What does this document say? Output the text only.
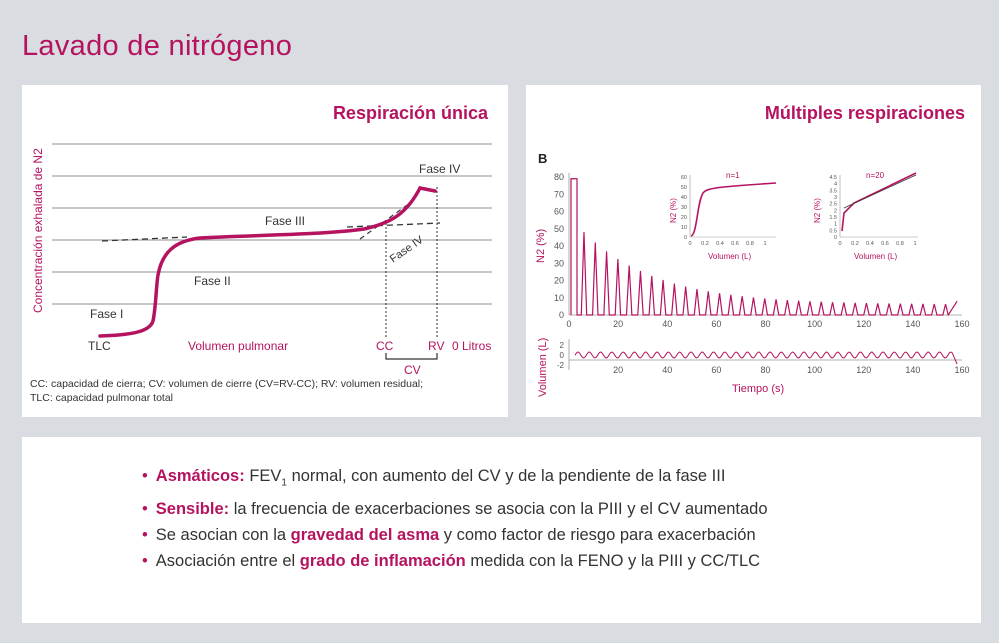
Lavado de nitrógeno
Respiración única
Concentración exhalada de N2
Fase I
Fase II
Fase III
Fase IV
Fase IV
TLC	Volumen pulmonar	CC	RV 0 Litros
CV
CC: capacidad de cierra; CV: volumen de cierre (CV=RV-CC); RV: volumen residual;
TLC: capacidad pulmonar total
Múltiples respiraciones
B
80
70
60
50
40
30
20
10
0
0	20	40	60	80	100	120	140	160
N2 (%)
60
50
40
30
20
10
0
0 0.2 0.4 0.6 0.8 1
n=1
N2 (%)
Volumen (L)
4.5
4
3.5
3
2.5
2
1.5
1
0.5
0
0 0.2 0.4 0.6 0.8 1
n=20
N2 (%)
Volumen (L)
2
0
-2	20	40	60	80	100	120	140	160
Volumen (L)	Tiempo (s)
• Asmáticos: $FEV_1$ normal, con aumento del CV y de la pendiente de la fase III
• Sensible: la frecuencia de exacerbaciones se asocia con la PIII y el CV aumentado
• Se asocian con la gravedad del asma y como factor de riesgo para exacerbación
• Asociación entre el grado de inflamación medida con la FENO y la PIII y CC/TLC
